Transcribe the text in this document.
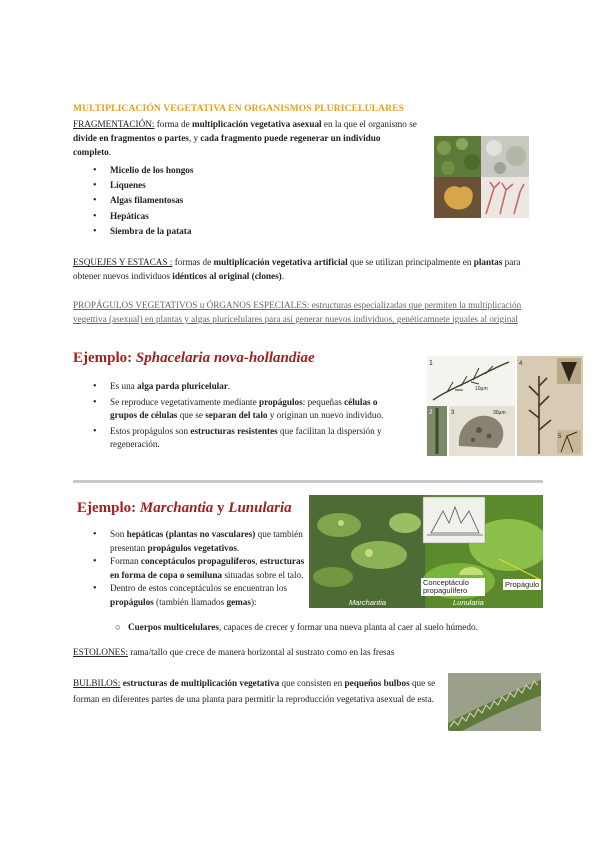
MULTIPLICACIÓN VEGETATIVA EN ORGANISMOS PLURICELULARES
FRAGMENTACIÓN: forma de multiplicación vegetativa asexual en la que el organismo se divide en fragmentos o partes, y cada fragmento puede regenerar un individuo completo.
• Micelio de los hongos
• Líquenes
• Algas filamentosas
• Hepáticas
• Siembra de la patata
ESQUEJES Y ESTACAS : formas de multiplicación vegetativa artificial que se utilizan principalmente en plantas para obtener nuevos individuos idénticos al original (clones).
PROPÁGULOS VEGETATIVOS u ÓRGANOS ESPECIALES: estructuras especializadas que permiten la multiplicación vegettiva (asexual) en plantas y algas pluricelulares para así generar nuevos individuos, genéticamnete iguales al original
Ejemplo: Sphacelaria nova-hollandiae
• Es una alga parda pluricelular.
• Se reproduce vegetativamente mediante propágulos: pequeñas células o grupos de células que se separan del talo y originan un nuevo individuo.
• Estos propágulos son estructuras resistentes que facilitan la dispersión y regeneración.
1
2	3	30μm
10μm
4
5
Ejemplo: Marchantia y Lunularia
• Son hepáticas (plantas no vasculares) que también presentan propágulos vegetativos.
• Forman conceptáculos propagulíferos, estructuras en forma de copa o semiluna situadas sobre el talo.
• Dentro de estos conceptáculos se encuentran los propágulos (también llamados gemas):
○ Cuerpos multicelulares, capaces de crecer y formar una nueva planta al caer al suelo húmedo.
Conceptáculo propagulífero
Propágulo
Marchantia	Lunularia
ESTOLONES: rama/tallo que crece de manera horizontal al sustrato como en las fresas
BULBILOS: estructuras de multiplicación vegetativa que consisten en pequeños bulbos que se forman en diferentes partes de una planta para permitir la reproducción vegetativa asexual de esta.
